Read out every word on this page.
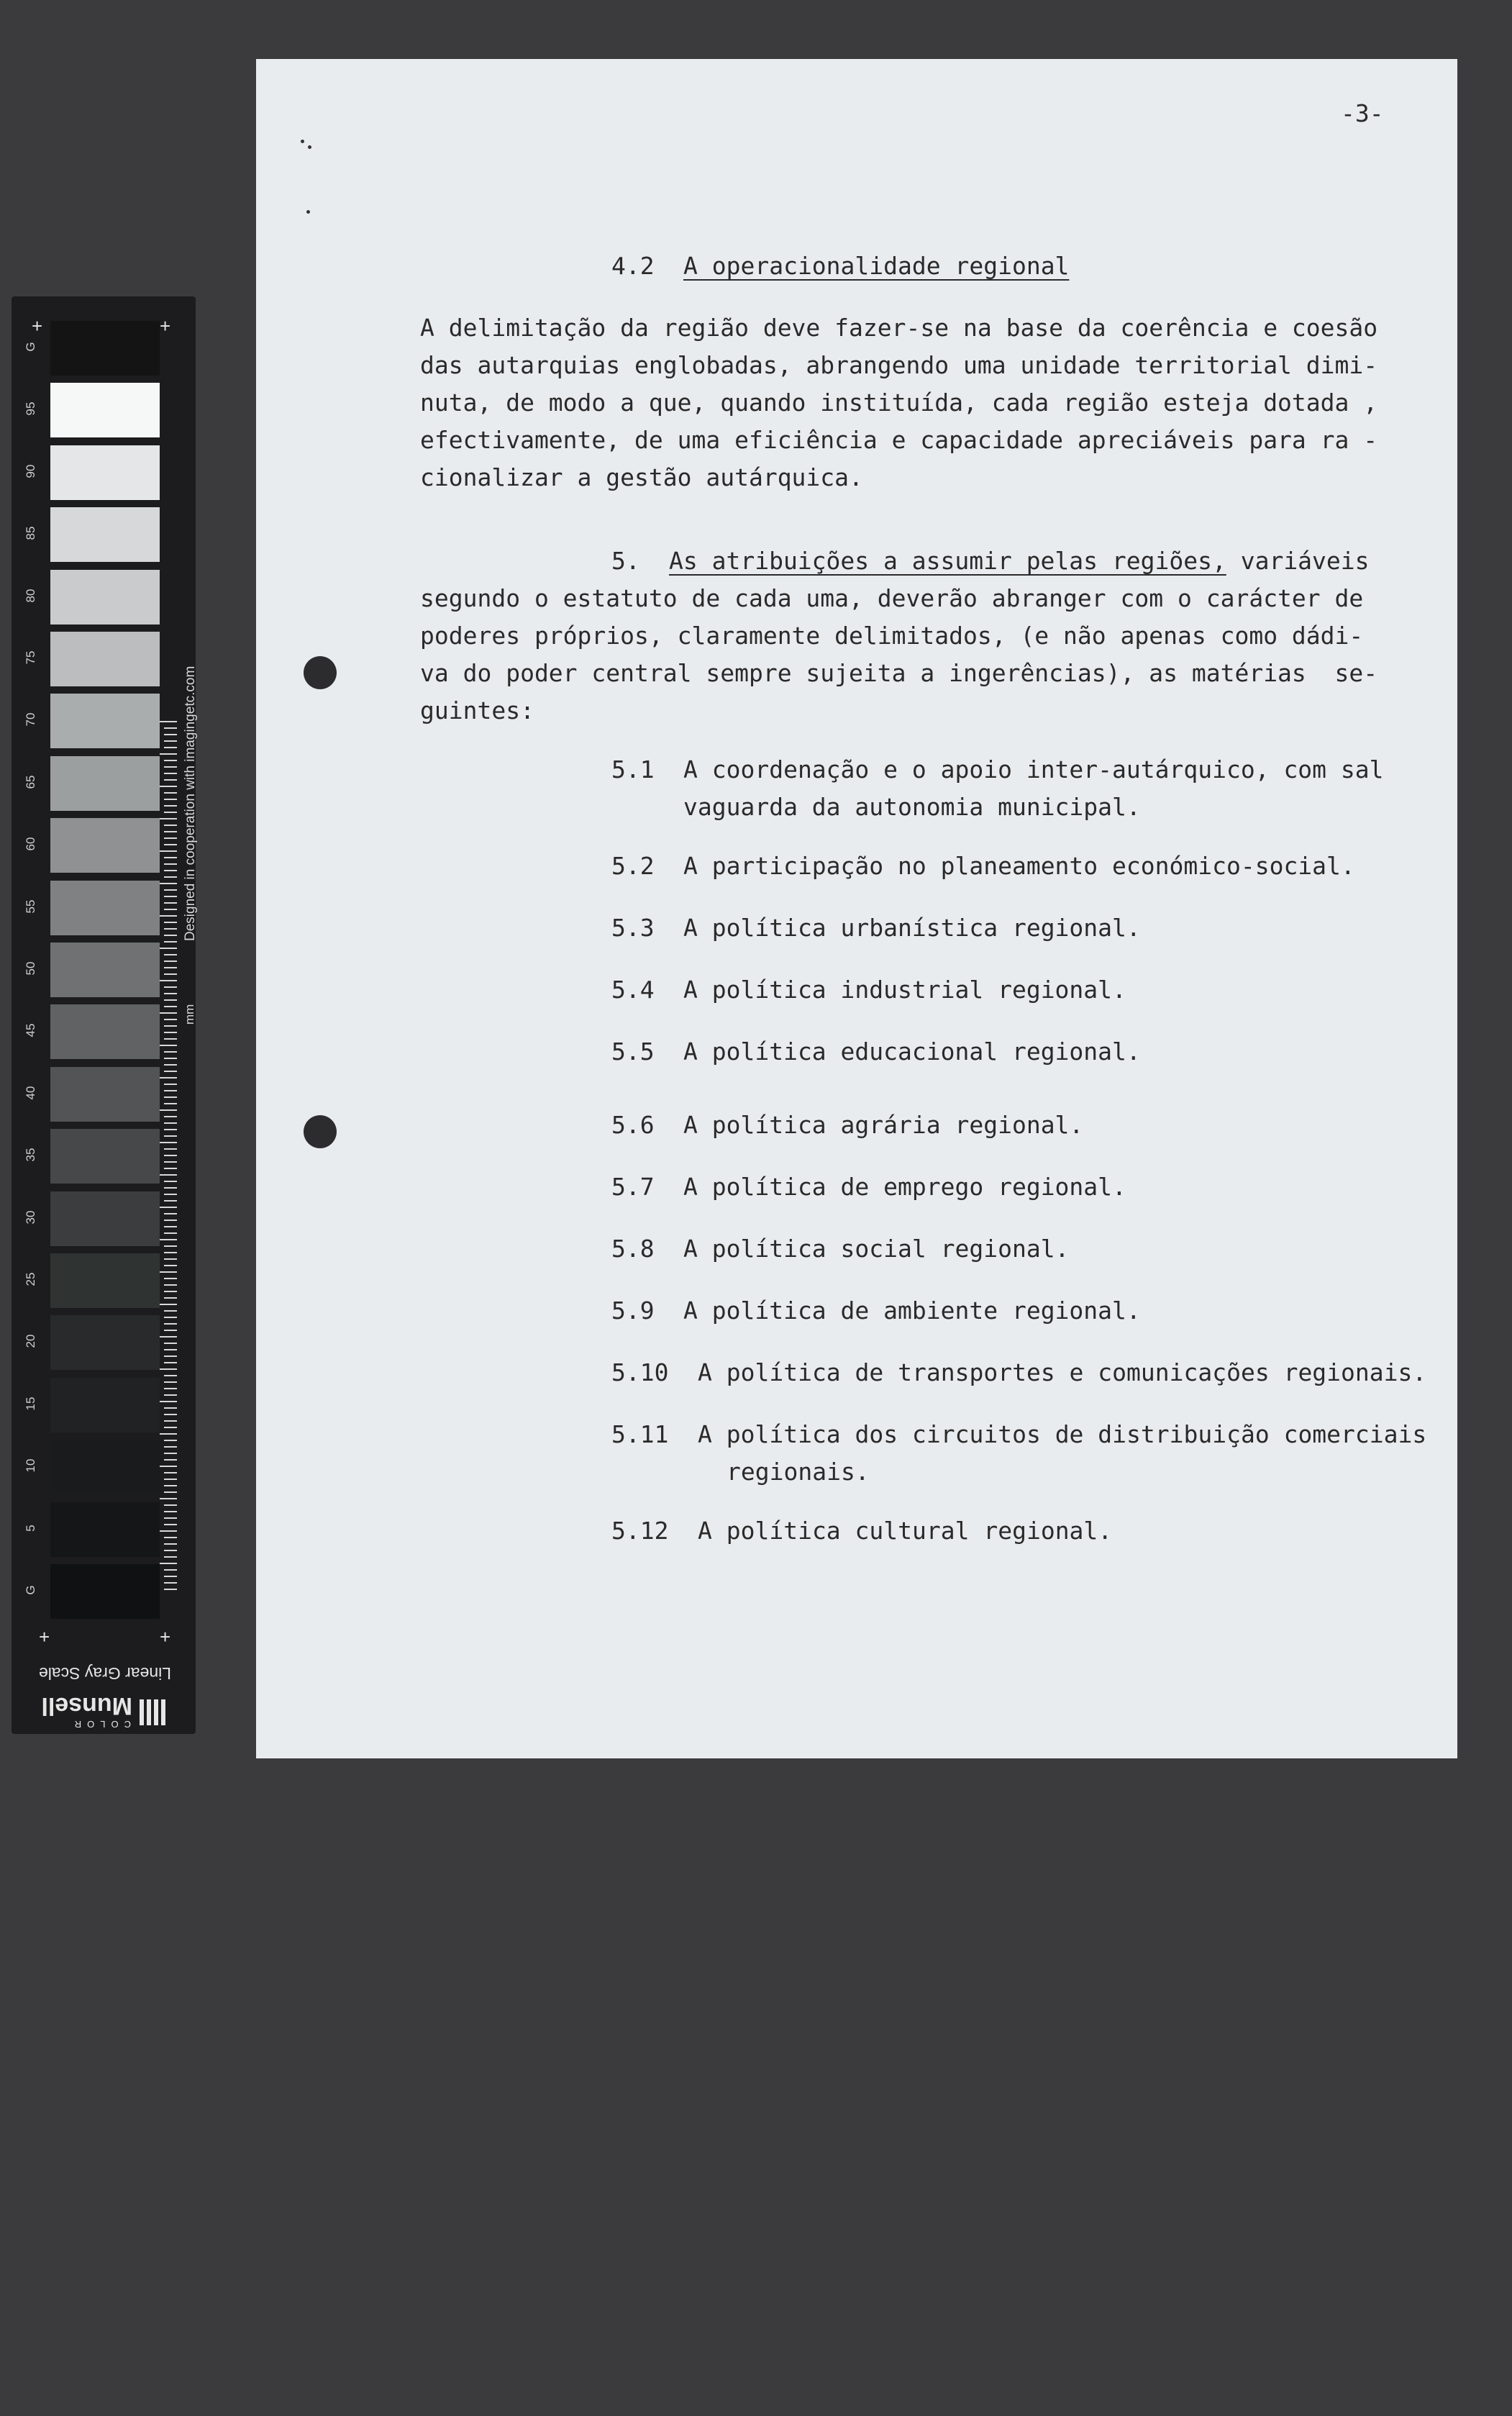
G
95
90
85
80
75
70
65
60
55
50
45
40
35
30
25
20
15
10
5
G
+	+
+	+
Designed in cooperation with imagingetc.com
mm
Linear Gray Scale
COLOR
Munsell

-3-

4.2

A operacionalidade regional

A delimitação da região deve fazer-se na base da coerência e coesão

das autarquias englobadas, abrangendo uma unidade territorial dimi-

nuta, de modo a que, quando instituída, cada região esteja dotada ,

efectivamente, de uma eficiência e capacidade apreciáveis para ra -

cionalizar a gestão autárquica.

5.

As atribuições a assumir pelas regiões, variáveis

segundo o estatuto de cada uma, deverão abranger com o carácter de

poderes próprios, claramente delimitados, (e não apenas como dádi-

va do poder central sempre sujeita a ingerências), as matérias  se-

guintes:

5.1

A coordenação e o apoio inter-autárquico, com sal

vaguarda da autonomia municipal.

5.2

A participação no planeamento económico-social.

5.3

A política urbanística regional.

5.4

A política industrial regional.

5.5

A política educacional regional.

5.6

A política agrária regional.

5.7

A política de emprego regional.

5.8

A política social regional.

5.9

A política de ambiente regional.

5.10

A política de transportes e comunicações regionais.

5.11

A política dos circuitos de distribuição comerciais

regionais.

5.12

A política cultural regional.
